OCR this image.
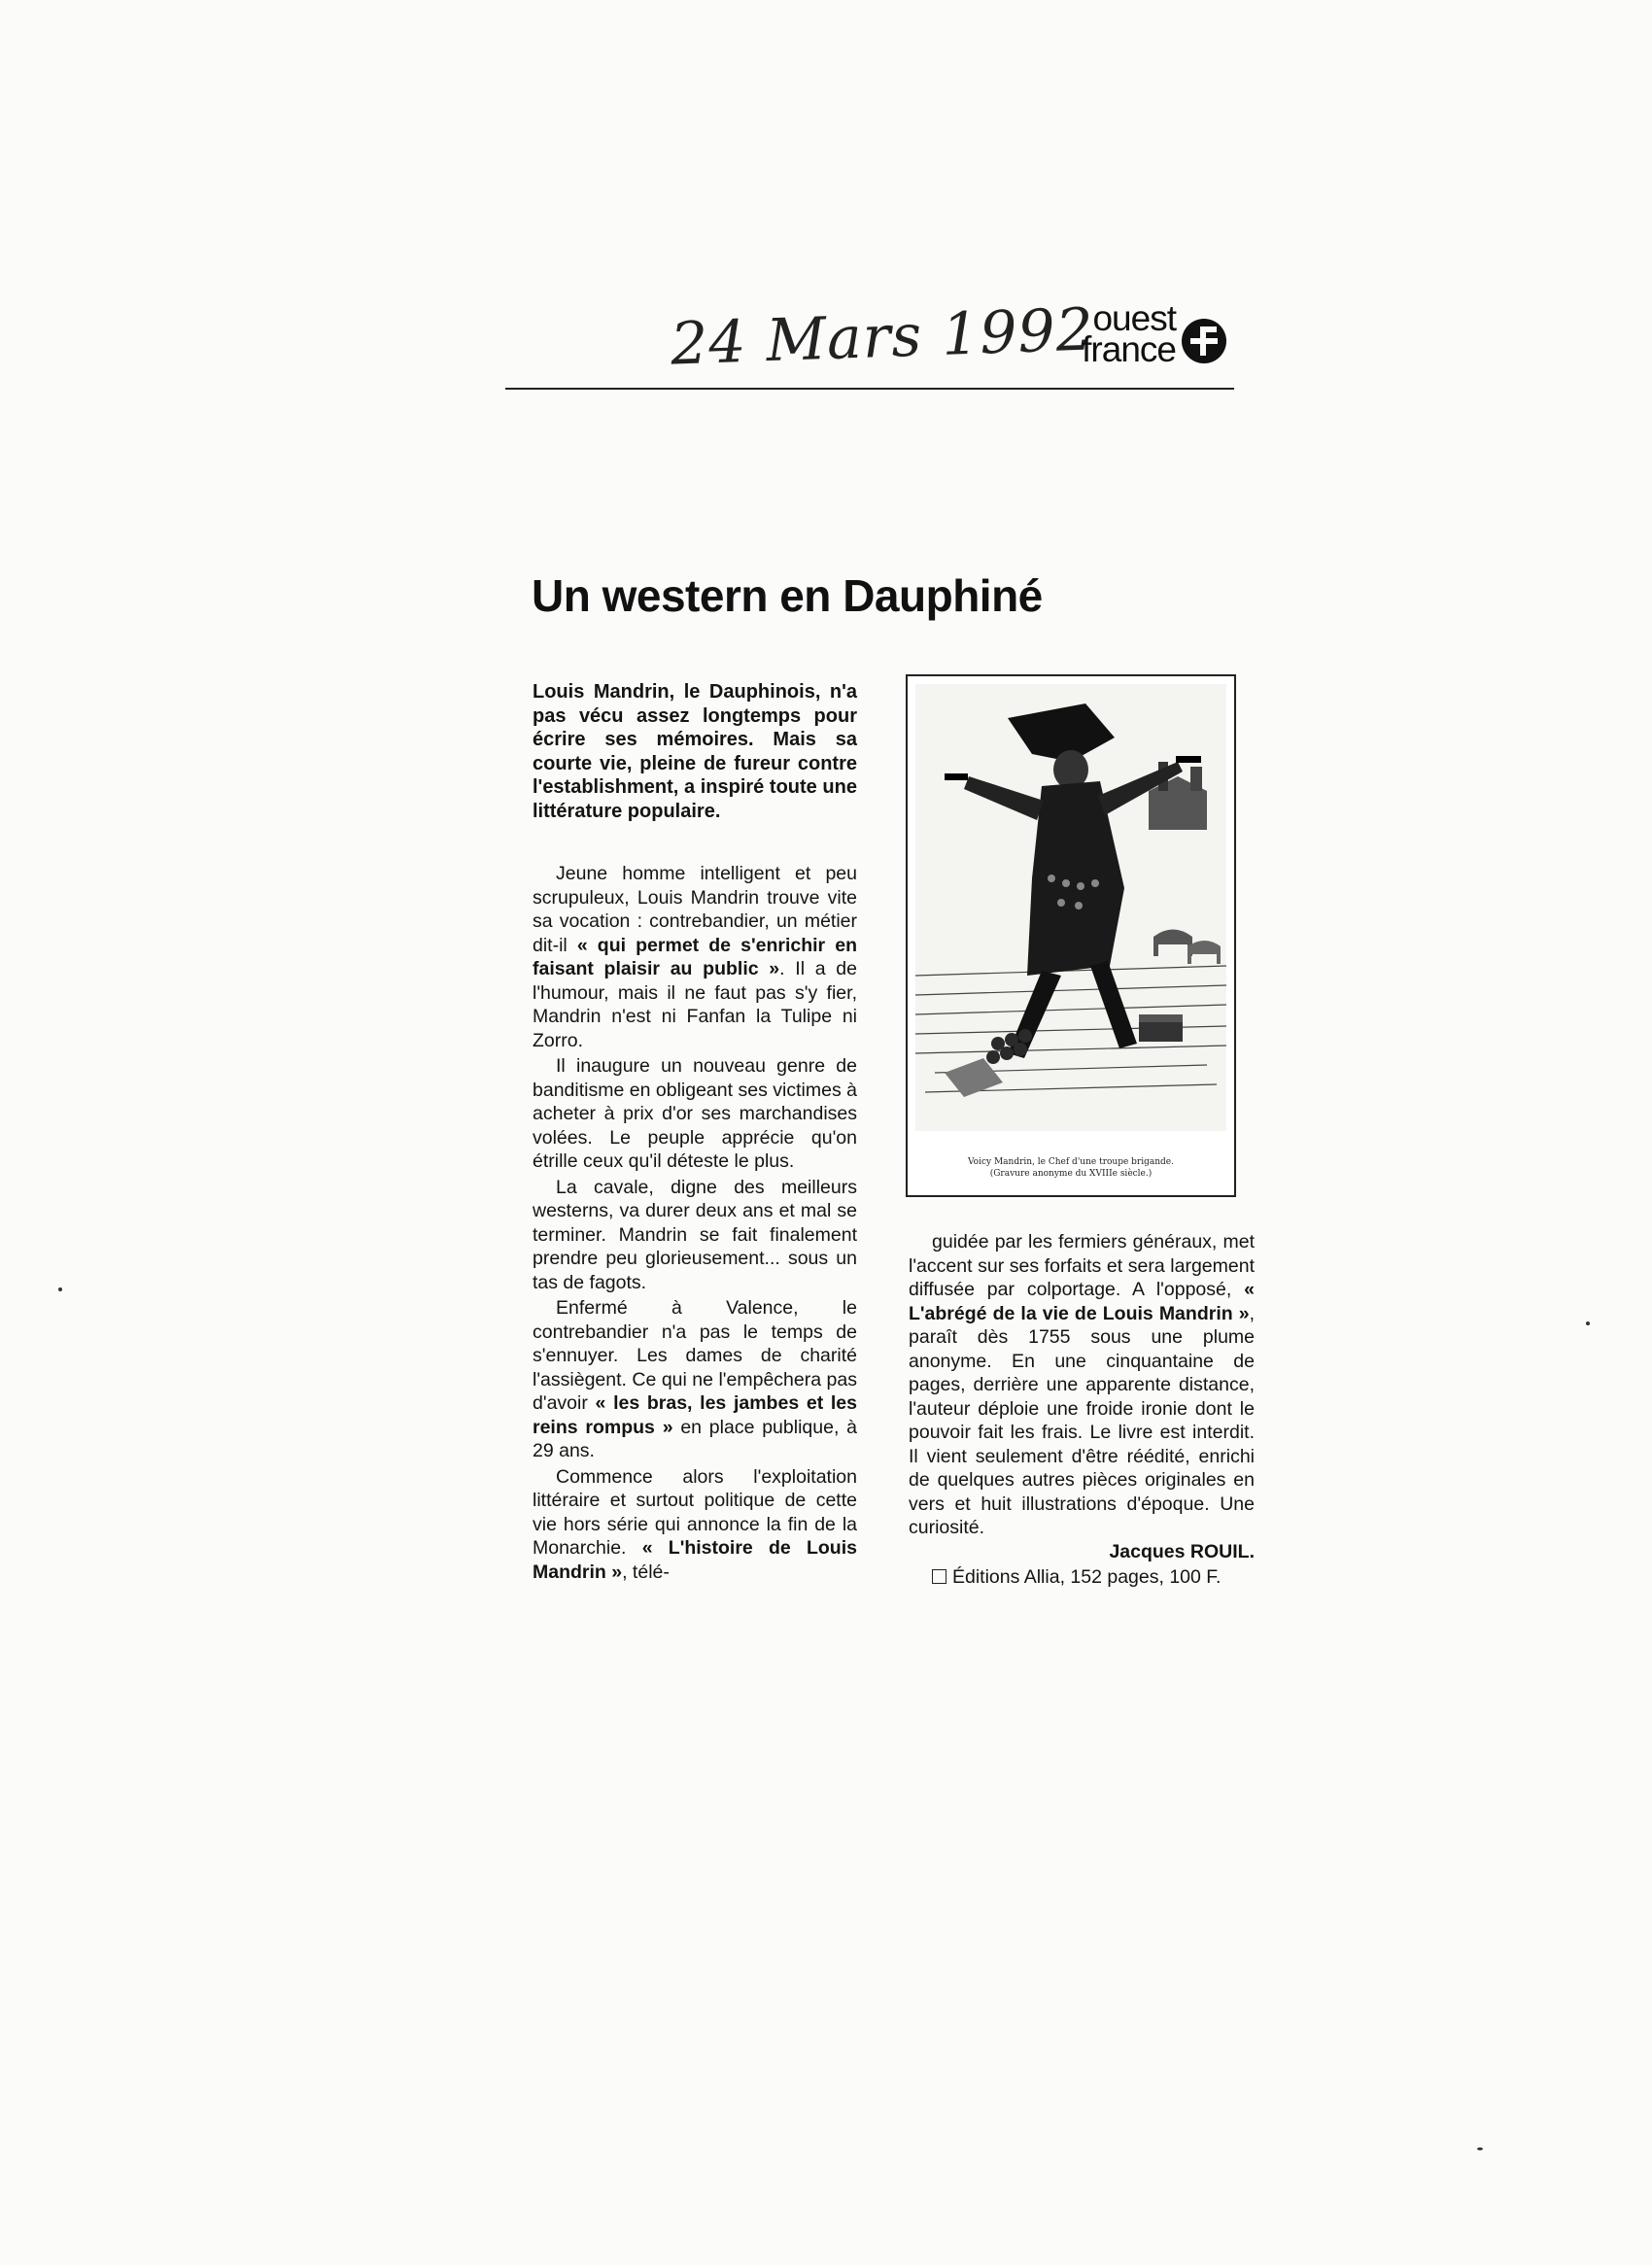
24 Mars 1992
ouest
france
Un western en Dauphiné

Louis Mandrin, le Dauphinois, n'a pas vécu assez longtemps pour écrire ses mémoires. Mais sa courte vie, pleine de fureur contre l'establishment, a inspiré toute une littérature populaire.

Jeune homme intelligent et peu scrupuleux, Louis Mandrin trouve vite sa vocation : contrebandier, un métier dit-il « qui permet de s'enrichir en faisant plaisir au public ». Il a de l'humour, mais il ne faut pas s'y fier, Mandrin n'est ni Fanfan la Tulipe ni Zorro.

Il inaugure un nouveau genre de banditisme en obligeant ses victimes à acheter à prix d'or ses marchandises volées. Le peuple apprécie qu'on étrille ceux qu'il déteste le plus.

La cavale, digne des meilleurs westerns, va durer deux ans et mal se terminer. Mandrin se fait finalement prendre peu glorieusement... sous un tas de fagots.

Enfermé à Valence, le contrebandier n'a pas le temps de s'ennuyer. Les dames de charité l'assiègent. Ce qui ne l'empêchera pas d'avoir « les bras, les jambes et les reins rompus » en place publique, à 29 ans.

Commence alors l'exploitation littéraire et surtout politique de cette vie hors série qui annonce la fin de la Monarchie. « L'histoire de Louis Mandrin », télé-

Voicy Mandrin, le Chef d'une troupe brigande.
(Gravure anonyme du XVIIIe siècle.)

guidée par les fermiers généraux, met l'accent sur ses forfaits et sera largement diffusée par colportage. A l'opposé, « L'abrégé de la vie de Louis Mandrin », paraît dès 1755 sous une plume anonyme. En une cinquantaine de pages, derrière une apparente distance, l'auteur déploie une froide ironie dont le pouvoir fait les frais. Le livre est interdit. Il vient seulement d'être réédité, enrichi de quelques autres pièces originales en vers et huit illustrations d'époque. Une curiosité.

Jacques ROUIL.

Éditions Allia, 152 pages, 100 F.
